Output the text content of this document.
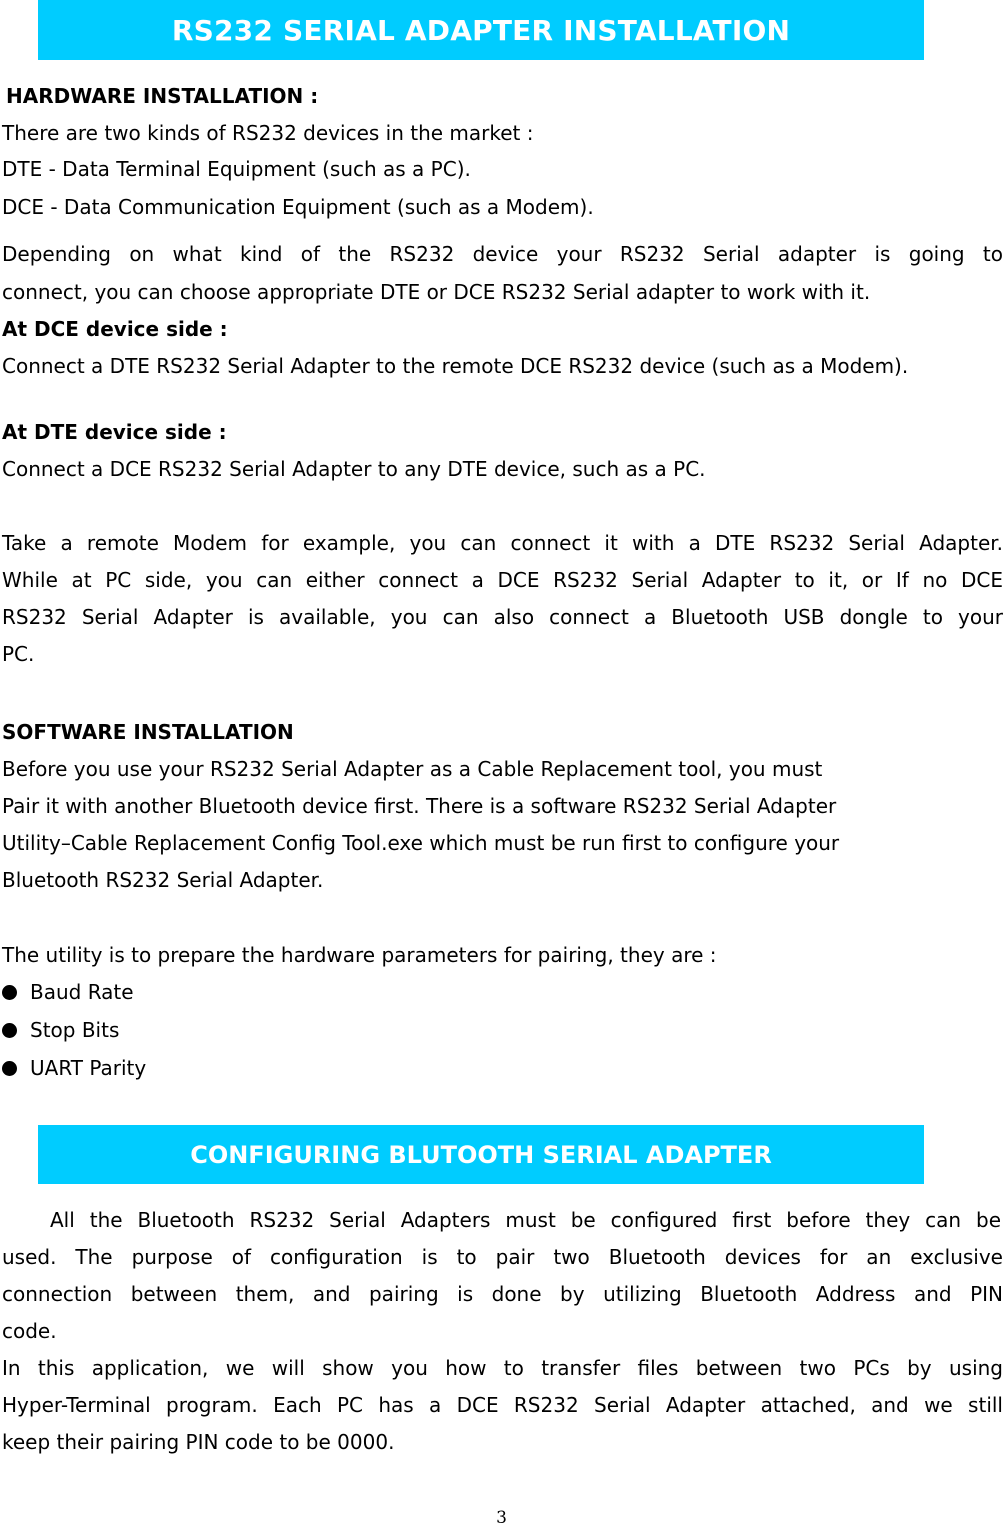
RS232 SERIAL ADAPTER INSTALLATION
HARDWARE INSTALLATION :
There are two kinds of RS232 devices in the market :
DTE - Data Terminal Equipment (such as a PC).
DCE - Data Communication Equipment (such as a Modem).
Depending on what kind of the RS232 device your RS232 Serial adapter is going to
connect, you can choose appropriate DTE or DCE RS232 Serial adapter to work with it.
At DCE device side :
Connect a DTE RS232 Serial Adapter to the remote DCE RS232 device (such as a Modem).
At DTE device side :
Connect a DCE RS232 Serial Adapter to any DTE device, such as a PC.
Take a remote Modem for example, you can connect it with a DTE RS232 Serial Adapter.
While at PC side, you can either connect a DCE RS232 Serial Adapter to it, or If no DCE
RS232 Serial Adapter is available, you can also connect a Bluetooth USB dongle to your
PC.
SOFTWARE INSTALLATION
Before you use your RS232 Serial Adapter as a Cable Replacement tool, you must
Pair it with another Bluetooth device first. There is a software RS232 Serial Adapter
Utility–Cable Replacement Config Tool.exe which must be run first to configure your
Bluetooth RS232 Serial Adapter.
The utility is to prepare the hardware parameters for pairing, they are :
Baud Rate
Stop Bits
UART Parity
CONFIGURING BLUTOOTH SERIAL ADAPTER
All the Bluetooth RS232 Serial Adapters must be configured first before they can be
used. The purpose of configuration is to pair two Bluetooth devices for an exclusive
connection between them, and pairing is done by utilizing Bluetooth Address and PIN
code.
In this application, we will show you how to transfer files between two PCs by using
Hyper-Terminal program. Each PC has a DCE RS232 Serial Adapter attached, and we still
keep their pairing PIN code to be 0000.
3
